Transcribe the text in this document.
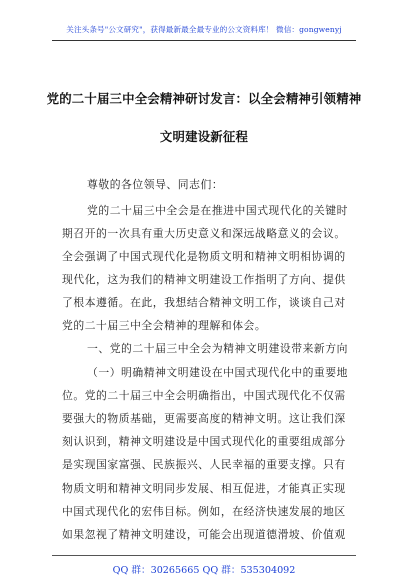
关注头条号"公文研究"，获得最新最全最专业的公文资料库！ 微信：gongwenyj
党的二十届三中全会精神研讨发言：以全会精神引领精神
文明建设新征程
尊敬的各位领导、同志们：
党的二十届三中全会是在推进中国式现代化的关键时
期召开的一次具有重大历史意义和深远战略意义的会议。
全会强调了中国式现代化是物质文明和精神文明相协调的
现代化，这为我们的精神文明建设工作指明了方向、提供
了根本遵循。在此，我想结合精神文明工作，谈谈自己对
党的二十届三中全会精神的理解和体会。
一、党的二十届三中全会为精神文明建设带来新方向
（一）明确精神文明建设在中国式现代化中的重要地
位。党的二十届三中全会明确指出，中国式现代化不仅需
要强大的物质基础，更需要高度的精神文明。这让我们深
刻认识到，精神文明建设是中国式现代化的重要组成部分
是实现国家富强、民族振兴、人民幸福的重要支撑。只有
物质文明和精神文明同步发展、相互促进，才能真正实现
中国式现代化的宏伟目标。例如，在经济快速发展的地区
如果忽视了精神文明建设，可能会出现道德滑坡、价值观
QQ 群：30265665 QQ 群：535304092
